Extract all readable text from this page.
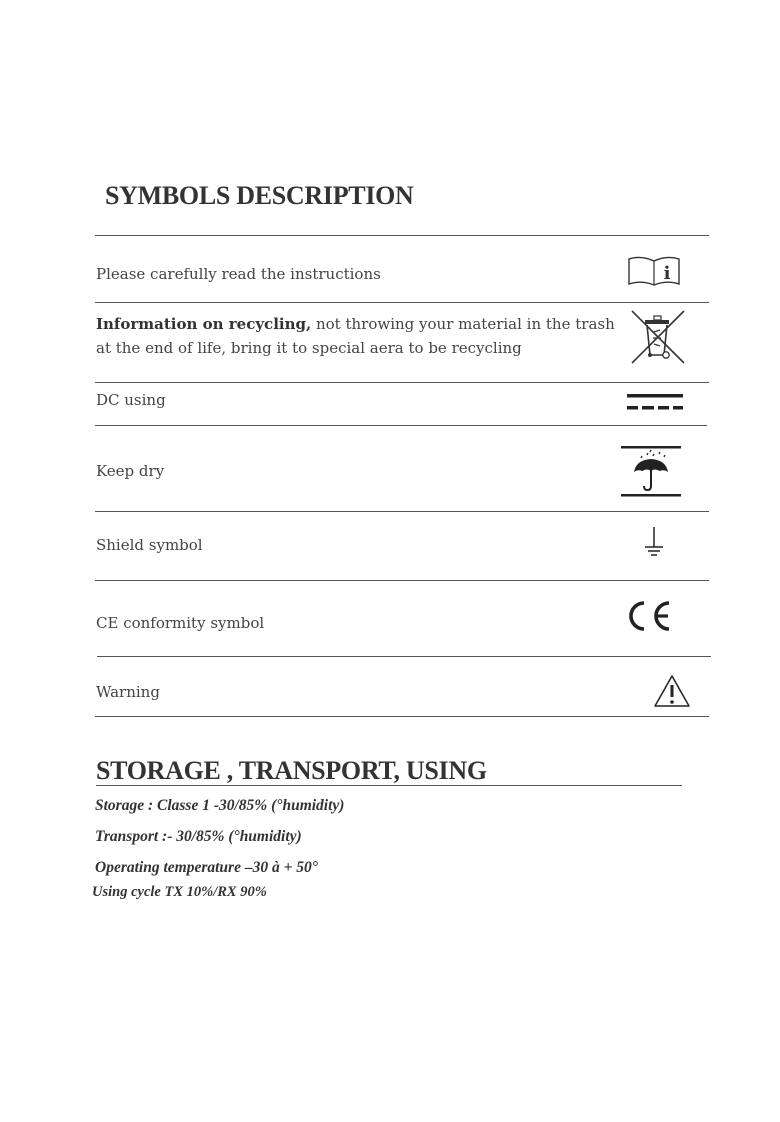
SYMBOLS DESCRIPTION
Please carefully read the instructions	i
Information on recycling, not throwing your material in the trash
at the end of life, bring it to special aera to be recycling
DC using
Keep dry
Shield symbol
CE conformity symbol
Warning
STORAGE , TRANSPORT, USING
Storage : Classe 1 -30/85% (°humidity)
Transport :- 30/85% (°humidity)
Operating temperature –30 à + 50°
Using cycle TX 10%/RX 90%
